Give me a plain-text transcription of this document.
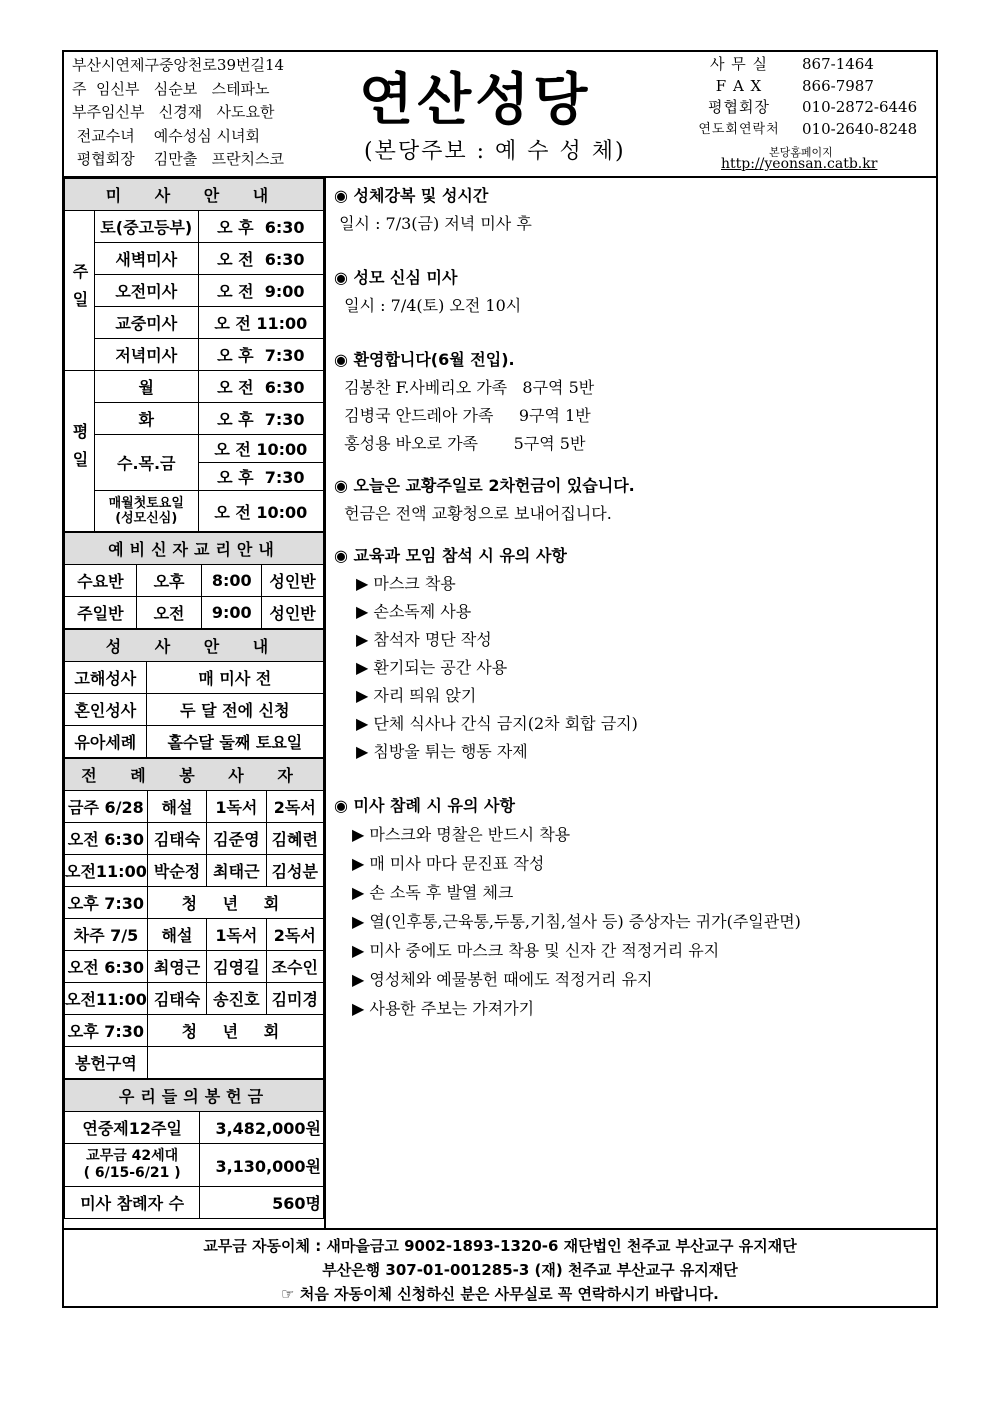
부산시연제구중앙천로39번길14
주  임신부   심순보   스테파노
부주임신부   신경재   사도요한
전교수녀    예수성심 시녀회
평협회장    김만출   프란치스코
연산성당
(본당주보 : 예 수 성 체)
사 무 실	867-1464
F A X	866-7987
평협회장	010-2872-6446
연도회연락처	010-2640-8248
본당홈페이지
http://yeonsan.catb.kr
미 사 안 내		
주일	토(중고등부)	오 후  6:30
	새벽미사	오 전  6:30
	오전미사	오 전  9:00
	교중미사	오 전 11:00
	저녁미사	오 후  7:30
평일	월	오 전  6:30
	화	오 후  7:30
	수.목.금	오 전 10:00
		오 후  7:30
	매월첫토요일
(성모신심)	오 전 10:00
예비신자교리안내			
수요반	오후	8:00	성인반
주일반	오전	9:00	성인반
성 사 안 내	
고해성사	매 미사 전
혼인성사	두 달 전에 신청
유아세례	홀수달 둘째 토요일
전 례 봉 사 자			
금주 6/28	해설	1독서	2독서
오전 6:30	김태숙	김준영	김혜련
오전11:00	박순정	최태근	김성분
오후 7:30	청 년 회		
차주 7/5	해설	1독서	2독서
오전 6:30	최영근	김영길	조수인
오전11:00	김태숙	송진호	김미경
오후 7:30	청 년 회		
봉헌구역			
우리들의봉헌금	
연중제12주일	3,482,000원
교무금 42세대
( 6/15-6/21 )	3,130,000원
미사 참례자 수	560명
◉ 성체강복 및 성시간
일시 : 7/3(금) 저녁 미사 후
◉ 성모 신심 미사
일시 : 7/4(토) 오전 10시
◉ 환영합니다(6월 전입).
김봉찬 F.사베리오 가족   8구역 5반
김병국 안드레아 가족     9구역 1반
홍성용 바오로 가족       5구역 5반
◉ 오늘은 교황주일로 2차헌금이 있습니다.
헌금은 전액 교황청으로 보내어집니다.
◉ 교육과 모임 참석 시 유의 사항
▶ 마스크 착용
▶ 손소독제 사용
▶ 참석자 명단 작성
▶ 환기되는 공간 사용
▶ 자리 띄워 앉기
▶ 단체 식사나 간식 금지(2차 회합 금지)
▶ 침방울 튀는 행동 자제
◉ 미사 참례 시 유의 사항
▶ 마스크와 명찰은 반드시 착용
▶ 매 미사 마다 문진표 작성
▶ 손 소독 후 발열 체크
▶ 열(인후통,근육통,두통,기침,설사 등) 증상자는 귀가(주일관면)
▶ 미사 중에도 마스크 착용 및 신자 간 적정거리 유지
▶ 영성체와 예물봉헌 때에도 적정거리 유지
▶ 사용한 주보는 가져가기
교무금 자동이체 : 새마을금고 9002-1893-1320-6 재단법인 천주교 부산교구 유지재단
부산은행 307-01-001285-3 (재) 천주교 부산교구 유지재단
☞ 처음 자동이체 신청하신 분은 사무실로 꼭 연락하시기 바랍니다.
